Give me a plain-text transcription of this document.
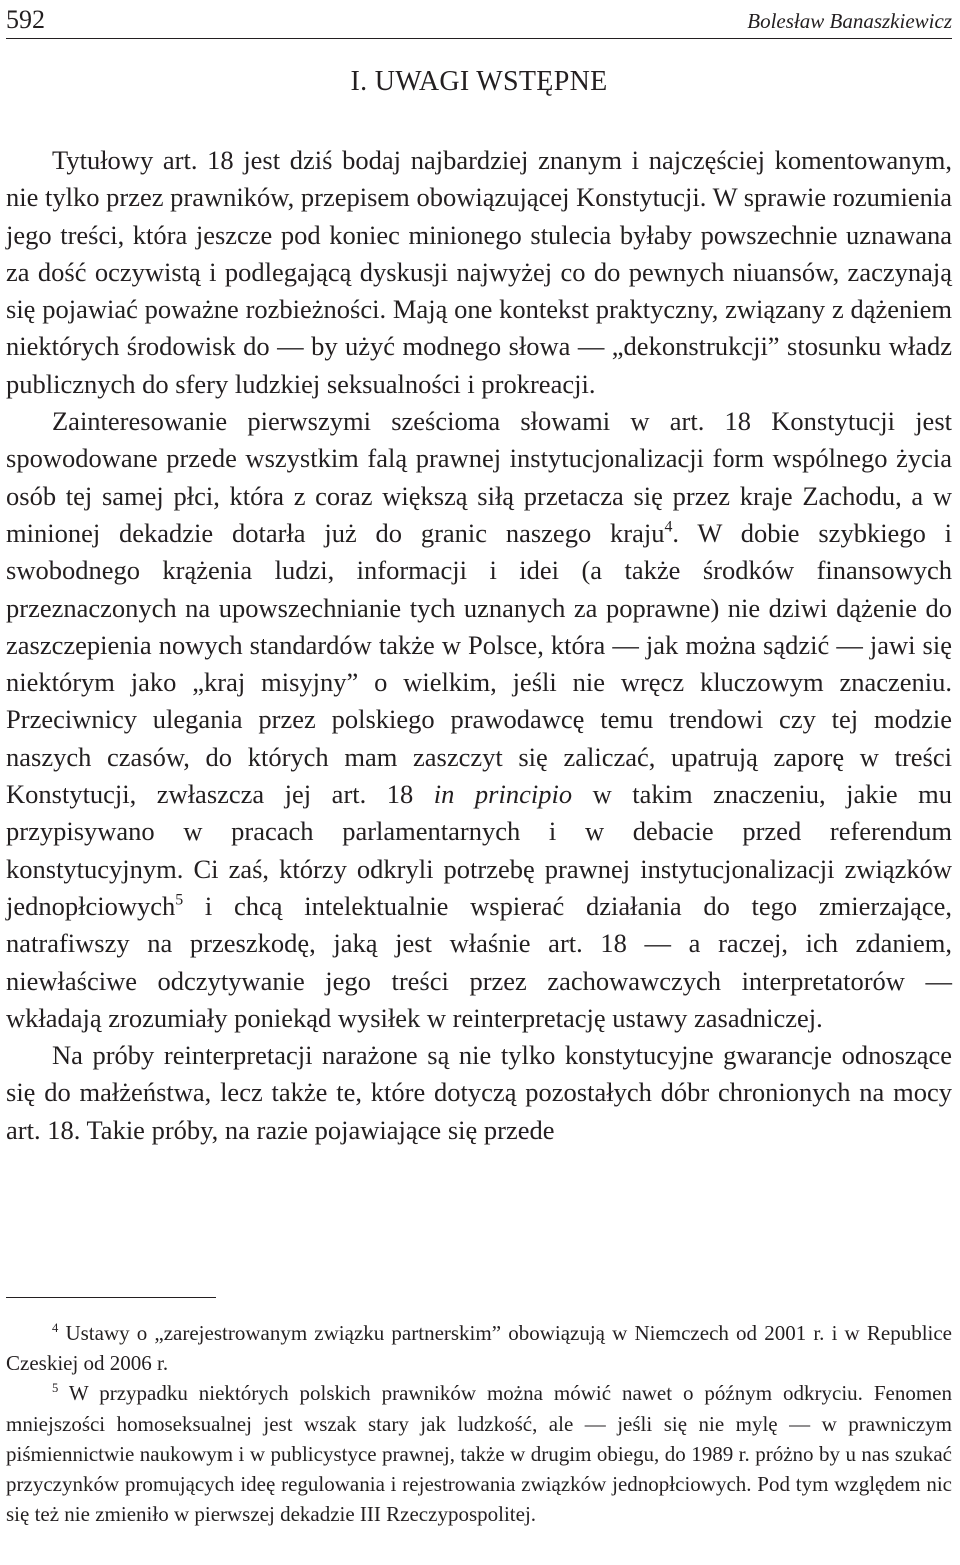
592	Bolesław Banaszkiewicz
I. UWAGI WSTĘPNE

Tytułowy art. 18 jest dziś bodaj najbardziej znanym i najczęściej komentowanym, nie tylko przez prawników, przepisem obowiązującej Konstytucji. W sprawie rozumienia jego treści, która jeszcze pod koniec minionego stulecia byłaby powszechnie uznawana za dość oczywistą i podlegającą dyskusji najwyżej co do pewnych niuansów, zaczynają się pojawiać poważne rozbieżności. Mają one kontekst praktyczny, związany z dążeniem niektórych środowisk do — by użyć modnego słowa — „dekonstrukcji” stosunku władz publicznych do sfery ludzkiej seksualności i prokreacji.

Zainteresowanie pierwszymi sześcioma słowami w art. 18 Konstytucji jest spowodowane przede wszystkim falą prawnej instytucjonalizacji form wspólnego życia osób tej samej płci, która z coraz większą siłą przetacza się przez kraje Zachodu, a w minionej dekadzie dotarła już do granic naszego kraju$^4$. W dobie szybkiego i swobodnego krążenia ludzi, informacji i idei (a także środków finansowych przeznaczonych na upowszechnianie tych uznanych za poprawne) nie dziwi dążenie do zaszczepienia nowych standardów także w Polsce, która — jak można sądzić — jawi się niektórym jako „kraj misyjny” o wielkim, jeśli nie wręcz kluczowym znaczeniu. Przeciwnicy ulegania przez polskiego prawodawcę temu trendowi czy tej modzie naszych czasów, do których mam zaszczyt się zaliczać, upatrują zaporę w treści Konstytucji, zwłaszcza jej art. 18 in principio w takim znaczeniu, jakie mu przypisywano w pracach parlamentarnych i w debacie przed referendum konstytucyjnym. Ci zaś, którzy odkryli potrzebę prawnej instytucjonalizacji związków jednopłciowych$^5$ i chcą intelektualnie wspierać działania do tego zmierzające, natrafiwszy na przeszkodę, jaką jest właśnie art. 18 — a raczej, ich zdaniem, niewłaściwe odczytywanie jego treści przez zachowawczych interpretatorów — wkładają zrozumiały poniekąd wysiłek w reinterpretację ustawy zasadniczej.

Na próby reinterpretacji narażone są nie tylko konstytucyjne gwarancje odnoszące się do małżeństwa, lecz także te, które dotyczą pozostałych dóbr chronionych na mocy art. 18. Takie próby, na razie pojawiające się przede

$^4$ Ustawy o „zarejestrowanym związku partnerskim” obowiązują w Niemczech od 2001 r. i w Republice Czeskiej od 2006 r.

$^5$ W przypadku niektórych polskich prawników można mówić nawet o późnym odkryciu. Fenomen mniejszości homoseksualnej jest wszak stary jak ludzkość, ale — jeśli się nie mylę — w prawniczym piśmiennictwie naukowym i w publicystyce prawnej, także w drugim obiegu, do 1989 r. próżno by u nas szukać przyczynków promujących ideę regulowania i rejestrowania związków jednopłciowych. Pod tym względem nic się też nie zmieniło w pierwszej dekadzie III Rzeczypospolitej.
